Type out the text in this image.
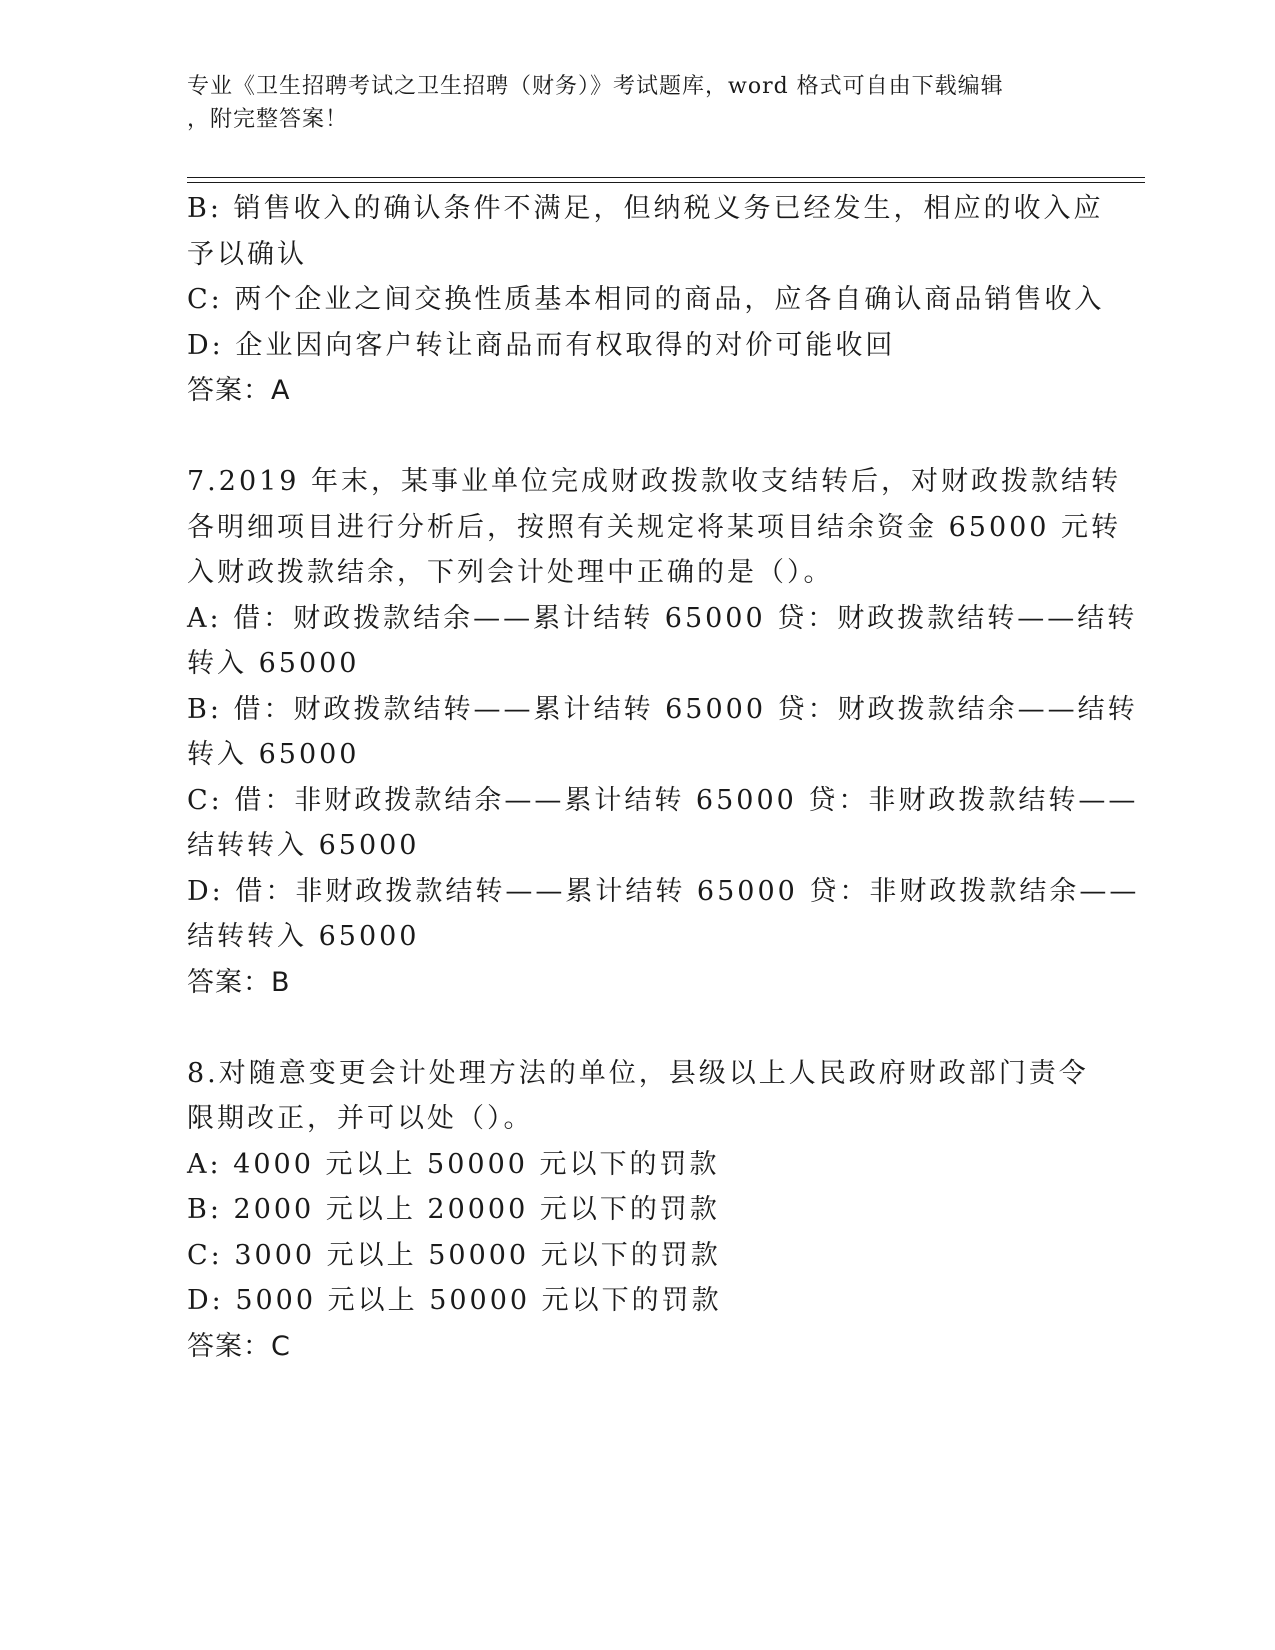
专业《卫生招聘考试之卫生招聘（财务）》考试题库，word 格式可自由下载编辑
，附完整答案！
B: 销售收入的确认条件不满足，但纳税义务已经发生，相应的收入应
予以确认
C: 两个企业之间交换性质基本相同的商品，应各自确认商品销售收入
D: 企业因向客户转让商品而有权取得的对价可能收回
答案：A
7.2019 年末，某事业单位完成财政拨款收支结转后，对财政拨款结转
各明细项目进行分析后，按照有关规定将某项目结余资金 65000 元转
入财政拨款结余，下列会计处理中正确的是（）。
A: 借：财政拨款结余——累计结转 65000 贷：财政拨款结转——结转
转入 65000
B: 借：财政拨款结转——累计结转 65000 贷：财政拨款结余——结转
转入 65000
C: 借：非财政拨款结余——累计结转 65000 贷：非财政拨款结转——
结转转入 65000
D: 借：非财政拨款结转——累计结转 65000 贷：非财政拨款结余——
结转转入 65000
答案：B
8.对随意变更会计处理方法的单位，县级以上人民政府财政部门责令
限期改正，并可以处（）。
A: 4000 元以上 50000 元以下的罚款
B: 2000 元以上 20000 元以下的罚款
C: 3000 元以上 50000 元以下的罚款
D: 5000 元以上 50000 元以下的罚款
答案：C
